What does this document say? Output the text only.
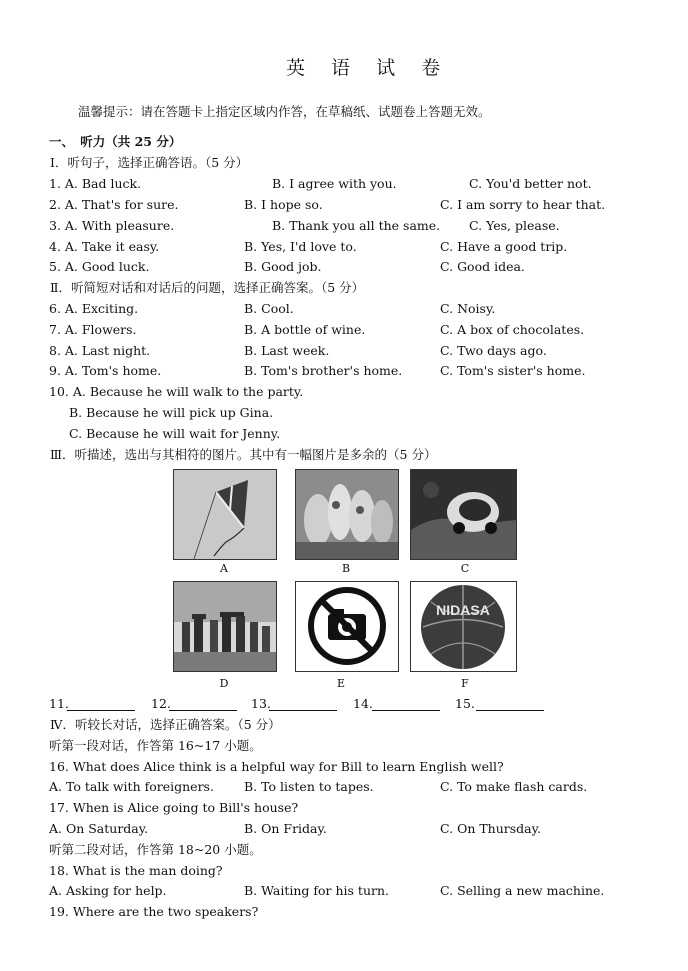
英 语 试 卷
温馨提示：请在答题卡上指定区域内作答，在草稿纸、试题卷上答题无效。
一、　听力（共 25 分）
Ⅰ．听句子，选择正确答语。（5 分）
1. A. Bad luck.	B. I agree with you.	C. You'd better not.
2. A. That's for sure.	B. I hope so.	C. I am sorry to hear that.
3. A. With pleasure.	B. Thank you all the same. C. Yes, please.
4. A. Take it easy.	B. Yes, I'd love to.	C. Have a good trip.
5. A. Good luck.	B. Good job.	C. Good idea.
Ⅱ．听简短对话和对话后的问题，选择正确答案。（5 分）
6. A. Exciting.	B. Cool.	C. Noisy.
7. A. Flowers.	B. A bottle of wine.	C. A box of chocolates.
8. A. Last night.	B. Last week.	C. Two days ago.
9. A. Tom's home.	B. Tom's brother's home.	C. Tom's sister's home.
10. A. Because he will walk to the party.
B. Because he will pick up Gina.
C. Because he will wait for Jenny.
Ⅲ．听描述，选出与其相符的图片。其中有一幅图片是多余的（5 分）
A	B	C
D	E
NIDASA
F
11.	12.	13.	14.	15.
Ⅳ．听较长对话，选择正确答案。（5 分）
听第一段对话，作答第 16~17 小题。
16. What does Alice think is a helpful way for Bill to learn English well?
A. To talk with foreigners. B. To listen to tapes.	C. To make flash cards.
17. When is Alice going to Bill's house?
A. On Saturday.	B. On Friday.	C. On Thursday.
听第二段对话，作答第 18~20 小题。
18. What is the man doing?
A. Asking for help.	B. Waiting for his turn.	C. Selling a new machine.
19. Where are the two speakers?
